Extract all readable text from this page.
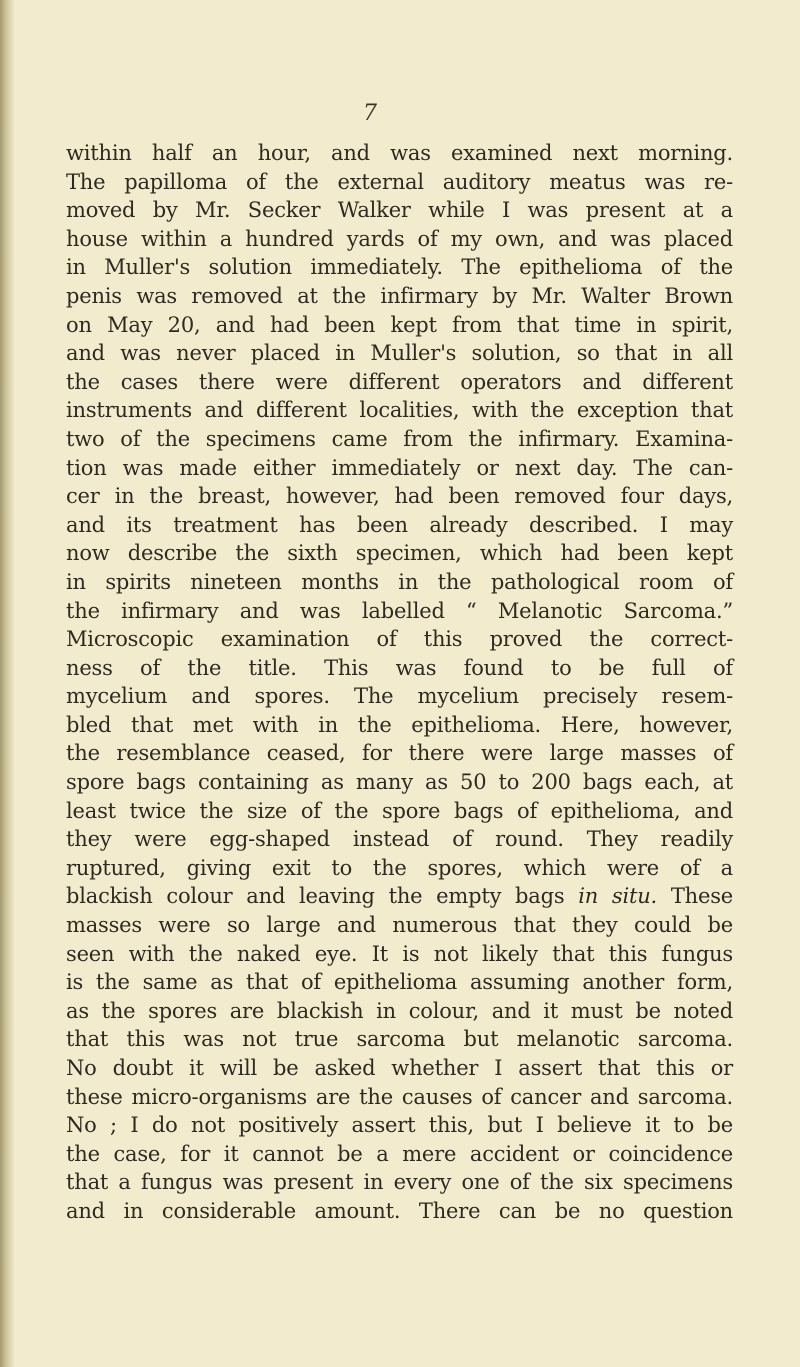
7
within half an hour, and was examined next morning.
The papilloma of the external auditory meatus was re-
moved by Mr. Secker Walker while I was present at a
house within a hundred yards of my own, and was placed
in Muller's solution immediately. The epithelioma of the
penis was removed at the infirmary by Mr. Walter Brown
on May 20, and had been kept from that time in spirit,
and was never placed in Muller's solution, so that in all
the cases there were different operators and different
instruments and different localities, with the exception that
two of the specimens came from the infirmary. Examina-
tion was made either immediately or next day. The can-
cer in the breast, however, had been removed four days,
and its treatment has been already described. I may
now describe the sixth specimen, which had been kept
in spirits nineteen months in the pathological room of
the infirmary and was labelled “ Melanotic Sarcoma.”
Microscopic examination of this proved the correct-
ness of the title. This was found to be full of
mycelium and spores. The mycelium precisely resem-
bled that met with in the epithelioma. Here, however,
the resemblance ceased, for there were large masses of
spore bags containing as many as 50 to 200 bags each, at
least twice the size of the spore bags of epithelioma, and
they were egg-shaped instead of round. They readily
ruptured, giving exit to the spores, which were of a
blackish colour and leaving the empty bags in situ. These
masses were so large and numerous that they could be
seen with the naked eye. It is not likely that this fungus
is the same as that of epithelioma assuming another form,
as the spores are blackish in colour, and it must be noted
that this was not true sarcoma but melanotic sarcoma.
No doubt it will be asked whether I assert that this or
these micro-organisms are the causes of cancer and sarcoma.
No ; I do not positively assert this, but I believe it to be
the case, for it cannot be a mere accident or coincidence
that a fungus was present in every one of the six specimens
and in considerable amount. There can be no question
